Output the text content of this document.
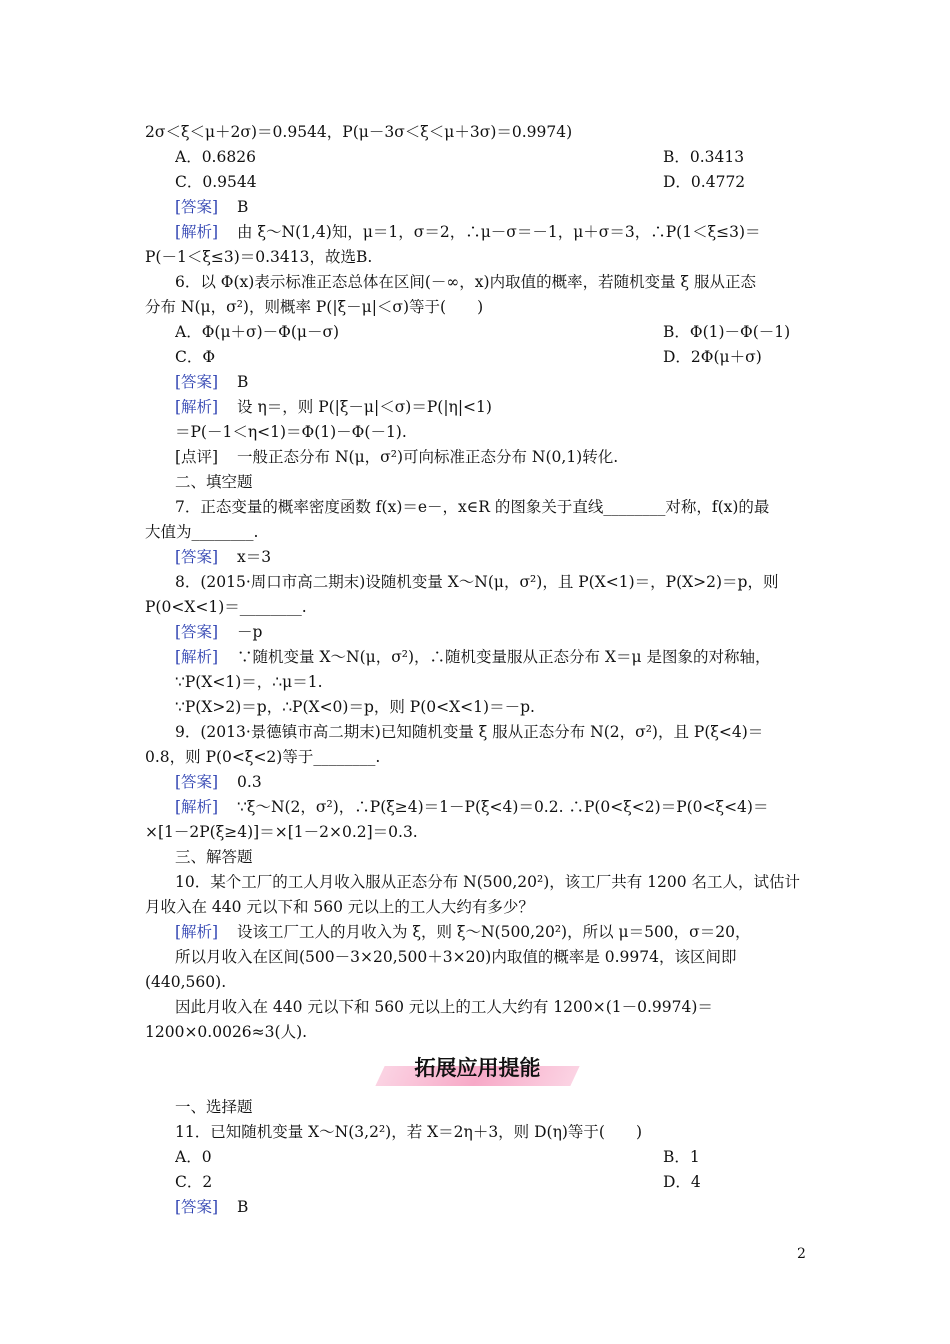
2σ＜ξ＜μ＋2σ)＝0.9544，P(μ－3σ＜ξ＜μ＋3σ)＝0.9974)
A．0.6826	B．0.3413
C．0.9544	D．0.4772
[答案] B
[解析] 由 ξ～N(1,4)知，μ＝1，σ＝2，∴μ－σ＝－1，μ＋σ＝3，∴P(1＜ξ≤3)＝
P(－1＜ξ≤3)＝0.3413，故选B.
6．以 Φ(x)表示标准正态总体在区间(－∞，x)内取值的概率，若随机变量 ξ 服从正态
分布 N(μ，σ²)，则概率 P(|ξ－μ|＜σ)等于(　　)
A．Φ(μ＋σ)－Φ(μ－σ)	B．Φ(1)－Φ(－1)
C．Φ	D．2Φ(μ＋σ)
[答案] B
[解析] 设 η＝，则 P(|ξ－μ|＜σ)＝P(|η|<1)
＝P(－1＜η<1)＝Φ(1)－Φ(－1).
[点评] 一般正态分布 N(μ，σ²)可向标准正态分布 N(0,1)转化.
二、填空题
7．正态变量的概率密度函数 f(x)＝e－，x∈R 的图象关于直线________对称，f(x)的最
大值为________.
[答案] x＝3
8．(2015·周口市高二期末)设随机变量 X～N(μ，σ²)，且 P(X<1)＝，P(X>2)＝p，则
P(0<X<1)＝________.
[答案] －p
[解析] ∵随机变量 X～N(μ，σ²)，∴随机变量服从正态分布 X＝μ 是图象的对称轴，
∵P(X<1)＝，∴μ＝1.
∵P(X>2)＝p，∴P(X<0)＝p，则 P(0<X<1)＝－p.
9．(2013·景德镇市高二期末)已知随机变量 ξ 服从正态分布 N(2，σ²)，且 P(ξ<4)＝
0.8，则 P(0<ξ<2)等于________.
[答案] 0.3
[解析] ∵ξ～N(2，σ²)，∴P(ξ≥4)＝1－P(ξ<4)＝0.2. ∴P(0<ξ<2)＝P(0<ξ<4)＝
×[1－2P(ξ≥4)]＝×[1－2×0.2]＝0.3.
三、解答题
10．某个工厂的工人月收入服从正态分布 N(500,20²)，该工厂共有 1200 名工人，试估计
月收入在 440 元以下和 560 元以上的工人大约有多少？
[解析] 设该工厂工人的月收入为 ξ，则 ξ～N(500,20²)，所以 μ＝500，σ＝20，
所以月收入在区间(500－3×20,500＋3×20)内取值的概率是 0.9974，该区间即
(440,560).
因此月收入在 440 元以下和 560 元以上的工人大约有 1200×(1－0.9974)＝
1200×0.0026≈3(人).
拓展应用提能
一、选择题
11．已知随机变量 X～N(3,2²)，若 X＝2η＋3，则 D(η)等于(　　)
A．0	B．1
C．2	D．4
[答案] B
2
